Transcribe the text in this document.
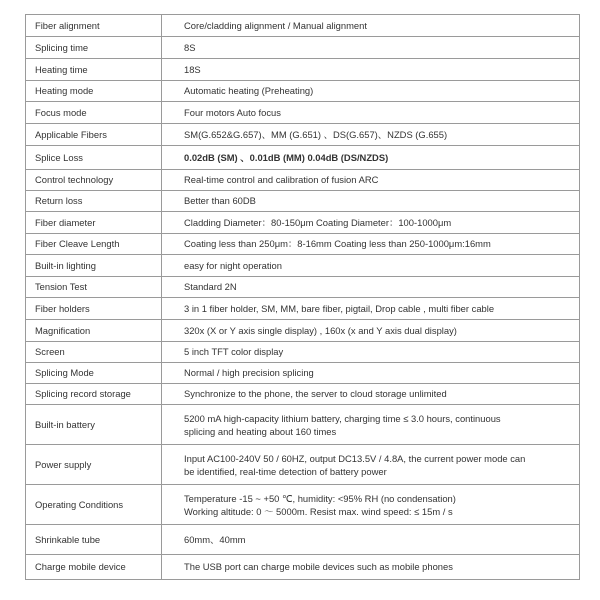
Fiber alignment	Core/cladding alignment / Manual alignment
Splicing time	8S
Heating time	18S
Heating mode	Automatic heating (Preheating)
Focus mode	Four motors Auto focus
Applicable Fibers	SM(G.652&G.657)、MM (G.651) 、DS(G.657)、NZDS (G.655)
Splice Loss	0.02dB (SM) 、0.01dB (MM) 0.04dB (DS/NZDS)
Control technology	Real-time control and calibration of fusion ARC
Return loss	Better than 60DB
Fiber diameter	Cladding Diameter：80-150μm Coating Diameter：100-1000μm
Fiber Cleave Length	Coating less than 250μm：8-16mm Coating less than 250-1000μm:16mm
Built-in lighting	easy for night operation
Tension Test	Standard 2N
Fiber holders	3 in 1 fiber holder, SM, MM, bare fiber, pigtail, Drop cable , multi fiber cable
Magnification	320x (X or Y axis single display) , 160x (x and Y axis dual display)
Screen	5 inch TFT color display
Splicing Mode	Normal / high precision splicing
Splicing record storage	Synchronize to the phone, the server to cloud storage unlimited
Built-in battery	5200 mA high-capacity lithium battery, charging time ≤ 3.0 hours, continuous
splicing and heating about 160 times

Power supply	Input AC100-240V 50 / 60HZ, output DC13.5V / 4.8A, the current power mode can
be identified, real-time detection of battery power

Operating Conditions	Temperature -15 ~ +50 ℃, humidity: <95% RH (no condensation)
Working altitude: 0 ～ 5000m. Resist max. wind speed: ≤ 15m / s

Shrinkable tube	60mm、40mm
Charge mobile device	The USB port can charge mobile devices such as mobile phones
